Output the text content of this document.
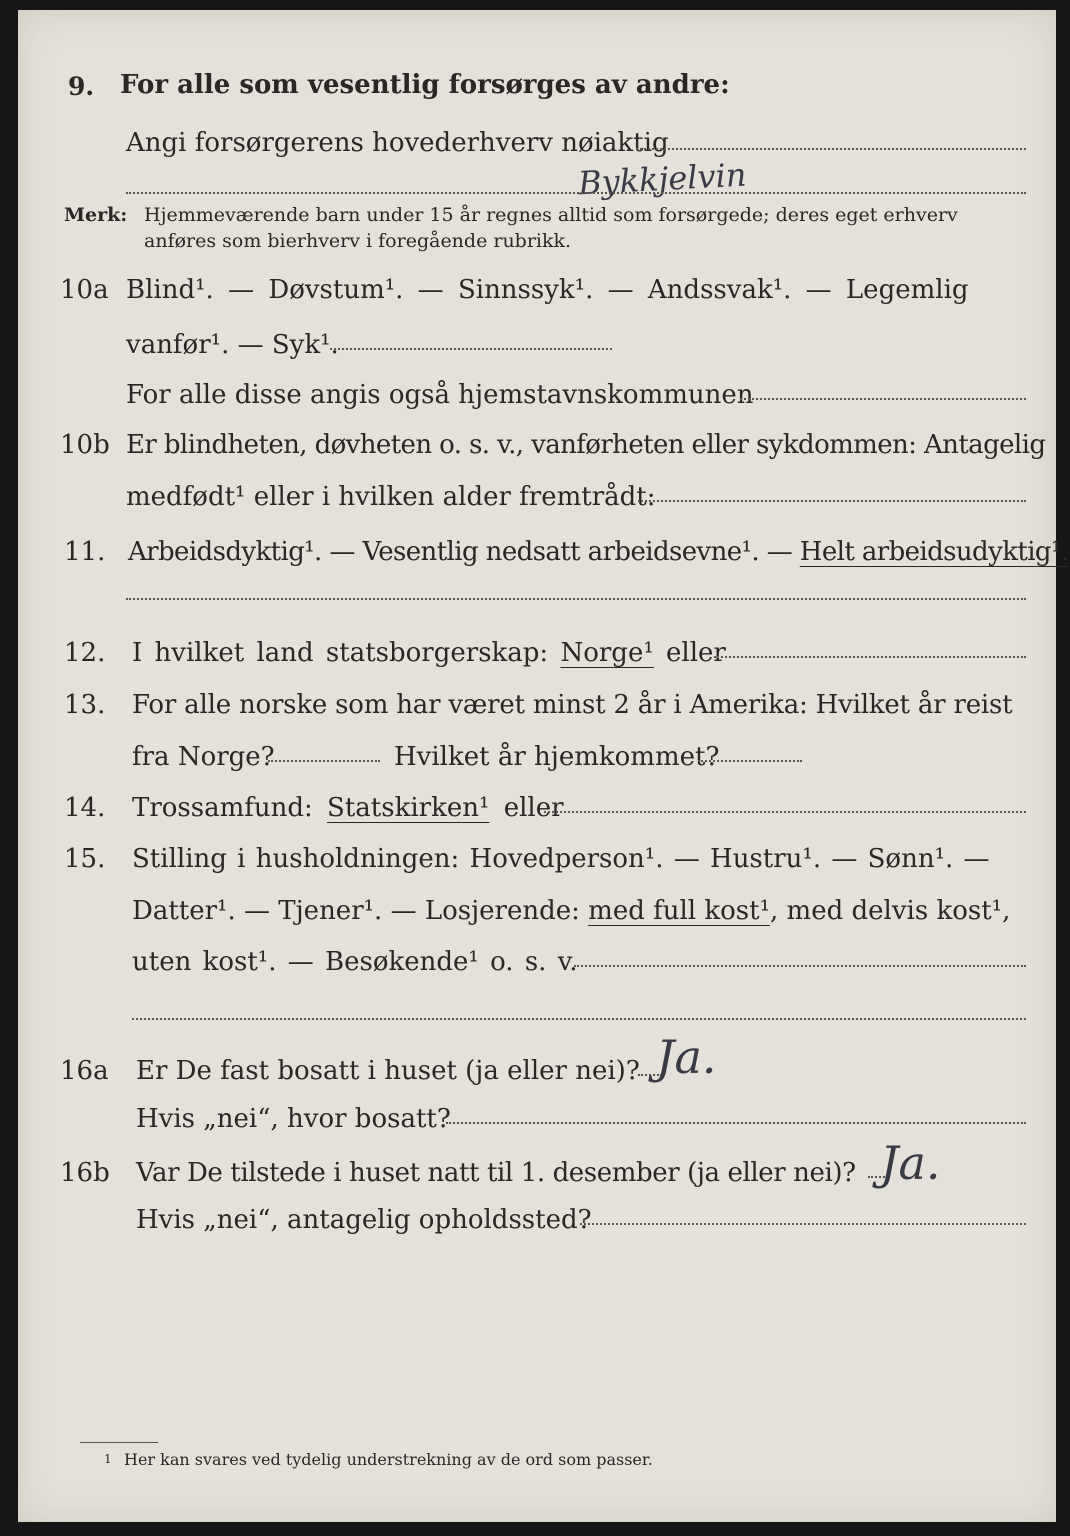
9. For alle som vesentlig forsørges av andre:
Angi forsørgerens hovederhverv nøiaktig
Bykkjelvin
Merk: Hjemmeværende barn under 15 år regnes alltid som forsørgede; deres eget erhverv
anføres som bierhverv i foregående rubrikk.
10a Blind¹. — Døvstum¹. — Sinnssyk¹. — Andssvak¹. — Legemlig
vanfør¹. — Syk¹.
For alle disse angis også hjemstavnskommunen
10b Er blindheten, døvheten o. s. v., vanførheten eller sykdommen: Antagelig
medfødt¹ eller i hvilken alder fremtrådt:
11. Arbeidsdyktig¹. — Vesentlig nedsatt arbeidsevne¹. — Helt arbeidsudyktig¹.
12. I hvilket land statsborgerskap: Norge¹ eller
13. For alle norske som har været minst 2 år i Amerika: Hvilket år reist
fra Norge?	Hvilket år hjemkommet?
14. Trossamfund: Statskirken¹ eller
15. Stilling i husholdningen: Hovedperson¹. — Hustru¹. — Sønn¹. —
Datter¹. — Tjener¹. — Losjerende: med full kost¹, med delvis kost¹,
uten kost¹. — Besøkende¹ o. s. v.
16a Er De fast bosatt i huset (ja eller nei)? Ja.
Hvis „nei“, hvor bosatt?
16b Var De tilstede i huset natt til 1. desember (ja eller nei)? Ja.
Hvis „nei“, antagelig opholdssted?
1 Her kan svares ved tydelig understrekning av de ord som passer.
